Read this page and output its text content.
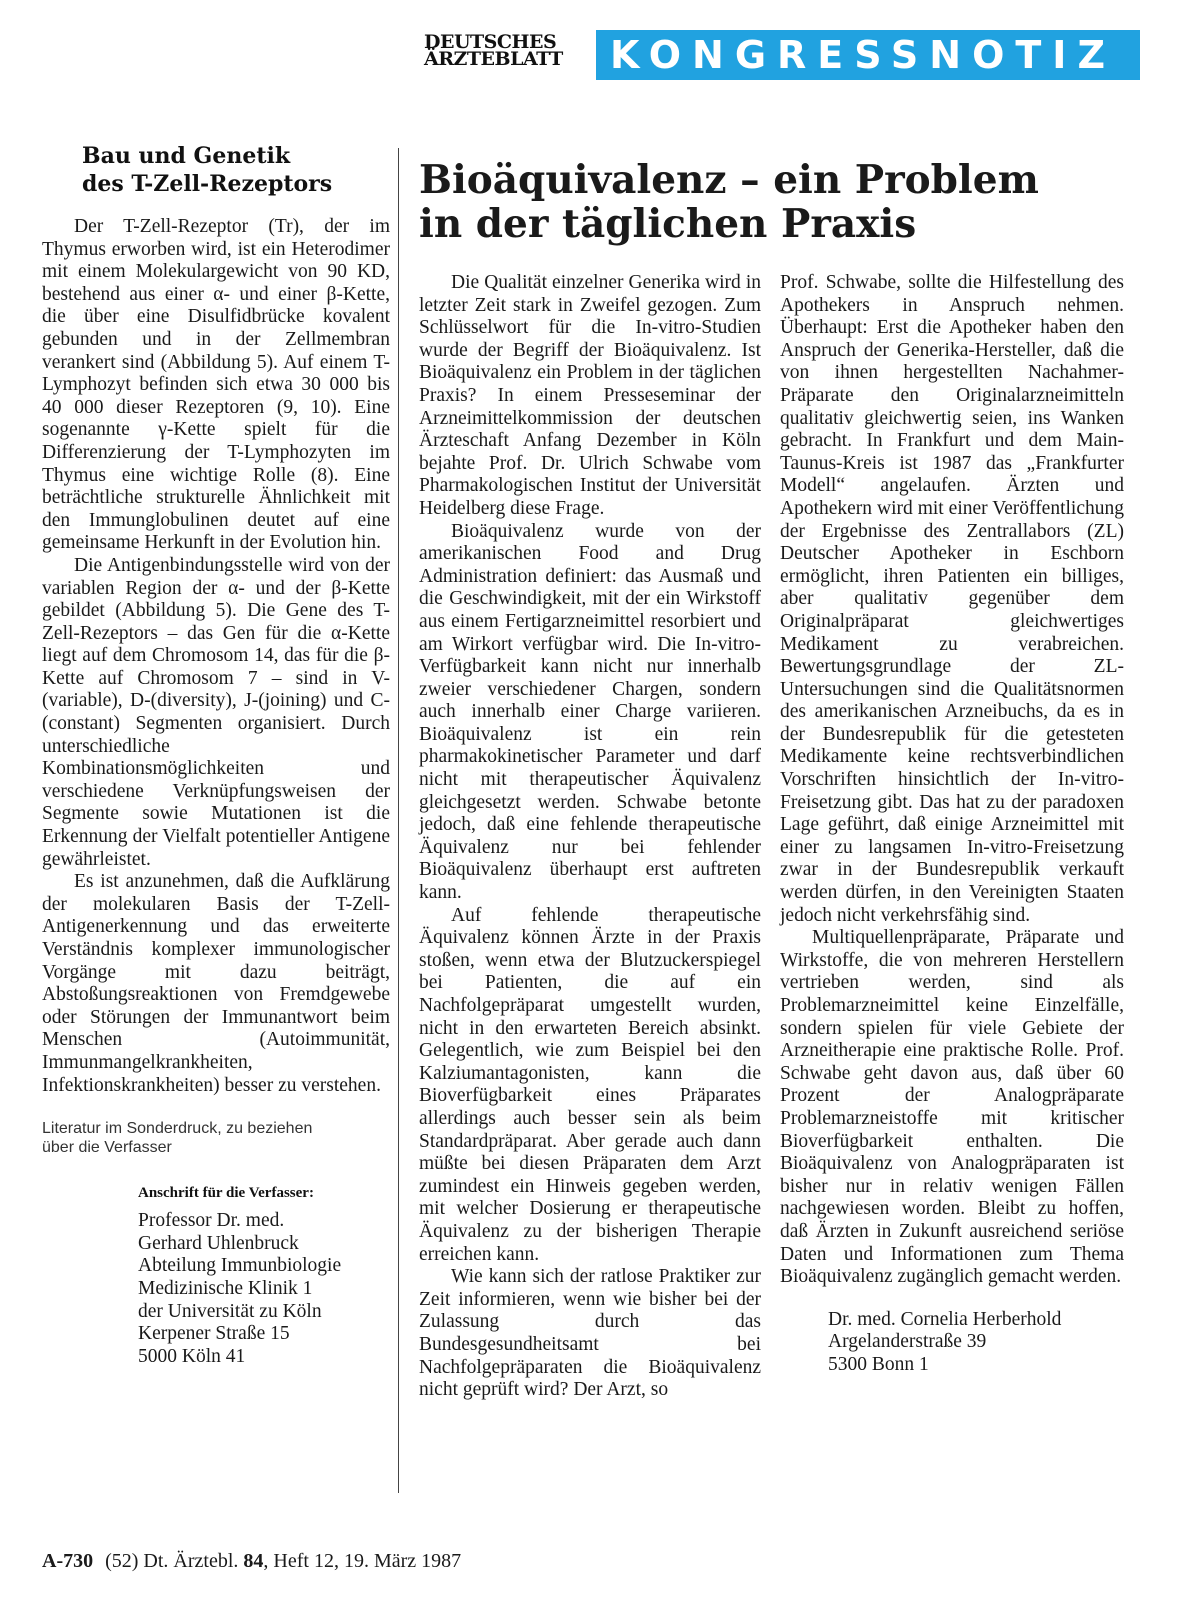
DEUTSCHES
ÄRZTEBLATT	KONGRESSNOTIZ
Bau und Genetik
des T-Zell-Rezeptors

Der T-Zell-Rezeptor (Tr), der im Thymus erworben wird, ist ein Heterodimer mit einem Molekulargewicht von 90 KD, bestehend aus einer α- und einer β-Kette, die über eine Disulfidbrücke kovalent gebunden und in der Zellmembran verankert sind (Abbildung 5). Auf einem T-Lymphozyt befinden sich etwa 30 000 bis 40 000 dieser Rezeptoren (9, 10). Eine sogenannte γ-Kette spielt für die Differenzierung der T-Lymphozyten im Thymus eine wichtige Rolle (8). Eine beträchtliche strukturelle Ähnlichkeit mit den Immunglobulinen deutet auf eine gemeinsame Herkunft in der Evolution hin.

Die Antigenbindungsstelle wird von der variablen Region der α- und der β-Kette gebildet (Abbildung 5). Die Gene des T-Zell-Rezeptors – das Gen für die α-Kette liegt auf dem Chromosom 14, das für die β-Kette auf Chromosom 7 – sind in V-(variable), D-(diversity), J-(joining) und C-(constant) Segmenten organisiert. Durch unterschiedliche Kombinationsmöglichkeiten und verschiedene Verknüpfungsweisen der Segmente sowie Mutationen ist die Erkennung der Vielfalt potentieller Antigene gewährleistet.

Es ist anzunehmen, daß die Aufklärung der molekularen Basis der T-Zell-Antigenerkennung und das erweiterte Verständnis komplexer immunologischer Vorgänge mit dazu beiträgt, Abstoßungsreaktionen von Fremdgewebe oder Störungen der Immunantwort beim Menschen (Autoimmunität, Immunmangelkrankheiten, Infektionskrankheiten) besser zu verstehen.

Literatur im Sonderdruck, zu beziehen
über die Verfasser
Anschrift für die Verfasser:
Professor Dr. med.
Gerhard Uhlenbruck
Abteilung Immunbiologie
Medizinische Klinik 1
der Universität zu Köln
Kerpener Straße 15
5000 Köln 41
Bioäquivalenz – ein Problem
in der täglichen Praxis

Die Qualität einzelner Generika wird in letzter Zeit stark in Zweifel gezogen. Zum Schlüsselwort für die In-vitro-Studien wurde der Begriff der Bioäquivalenz. Ist Bioäquivalenz ein Problem in der täglichen Praxis? In einem Presseseminar der Arzneimittelkommission der deutschen Ärzteschaft Anfang Dezember in Köln bejahte Prof. Dr. Ulrich Schwabe vom Pharmakologischen Institut der Universität Heidelberg diese Frage.

Bioäquivalenz wurde von der amerikanischen Food and Drug Administration definiert: das Ausmaß und die Geschwindigkeit, mit der ein Wirkstoff aus einem Fertigarzneimittel resorbiert und am Wirkort verfügbar wird. Die In-vitro-Verfügbarkeit kann nicht nur innerhalb zweier verschiedener Chargen, sondern auch innerhalb einer Charge variieren. Bioäquivalenz ist ein rein pharmakokinetischer Parameter und darf nicht mit therapeutischer Äquivalenz gleichgesetzt werden. Schwabe betonte jedoch, daß eine fehlende therapeutische Äquivalenz nur bei fehlender Bioäquivalenz überhaupt erst auftreten kann.

Auf fehlende therapeutische Äquivalenz können Ärzte in der Praxis stoßen, wenn etwa der Blutzuckerspiegel bei Patienten, die auf ein Nachfolgepräparat umgestellt wurden, nicht in den erwarteten Bereich absinkt. Gelegentlich, wie zum Beispiel bei den Kalziumantagonisten, kann die Bioverfügbarkeit eines Präparates allerdings auch besser sein als beim Standardpräparat. Aber gerade auch dann müßte bei diesen Präparaten dem Arzt zumindest ein Hinweis gegeben werden, mit welcher Dosierung er therapeutische Äquivalenz zu der bisherigen Therapie erreichen kann.

Wie kann sich der ratlose Praktiker zur Zeit informieren, wenn wie bisher bei der Zulassung durch das Bundesgesundheitsamt bei Nachfolgepräparaten die Bioäquivalenz nicht geprüft wird? Der Arzt, so

Prof. Schwabe, sollte die Hilfestellung des Apothekers in Anspruch nehmen. Überhaupt: Erst die Apotheker haben den Anspruch der Generika-Hersteller, daß die von ihnen hergestellten Nachahmer-Präparate den Originalarzneimitteln qualitativ gleichwertig seien, ins Wanken gebracht. In Frankfurt und dem Main-Taunus-Kreis ist 1987 das „Frankfurter Modell“ angelaufen. Ärzten und Apothekern wird mit einer Veröffentlichung der Ergebnisse des Zentrallabors (ZL) Deutscher Apotheker in Eschborn ermöglicht, ihren Patienten ein billiges, aber qualitativ gegenüber dem Originalpräparat gleichwertiges Medikament zu verabreichen. Bewertungsgrundlage der ZL-Untersuchungen sind die Qualitätsnormen des amerikanischen Arzneibuchs, da es in der Bundesrepublik für die getesteten Medikamente keine rechtsverbindlichen Vorschriften hinsichtlich der In-vitro-Freisetzung gibt. Das hat zu der paradoxen Lage geführt, daß einige Arzneimittel mit einer zu langsamen In-vitro-Freisetzung zwar in der Bundesrepublik verkauft werden dürfen, in den Vereinigten Staaten jedoch nicht verkehrsfähig sind.

Multiquellenpräparate, Präparate und Wirkstoffe, die von mehreren Herstellern vertrieben werden, sind als Problemarzneimittel keine Einzelfälle, sondern spielen für viele Gebiete der Arzneitherapie eine praktische Rolle. Prof. Schwabe geht davon aus, daß über 60 Prozent der Analogpräparate Problemarzneistoffe mit kritischer Bioverfügbarkeit enthalten. Die Bioäquivalenz von Analogpräparaten ist bisher nur in relativ wenigen Fällen nachgewiesen worden. Bleibt zu hoffen, daß Ärzten in Zukunft ausreichend seriöse Daten und Informationen zum Thema Bioäquivalenz zugänglich gemacht werden.

Dr. med. Cornelia Herberhold
Argelanderstraße 39
5300 Bonn 1
A-730 (52) Dt. Ärztebl. 84, Heft 12, 19. März 1987
